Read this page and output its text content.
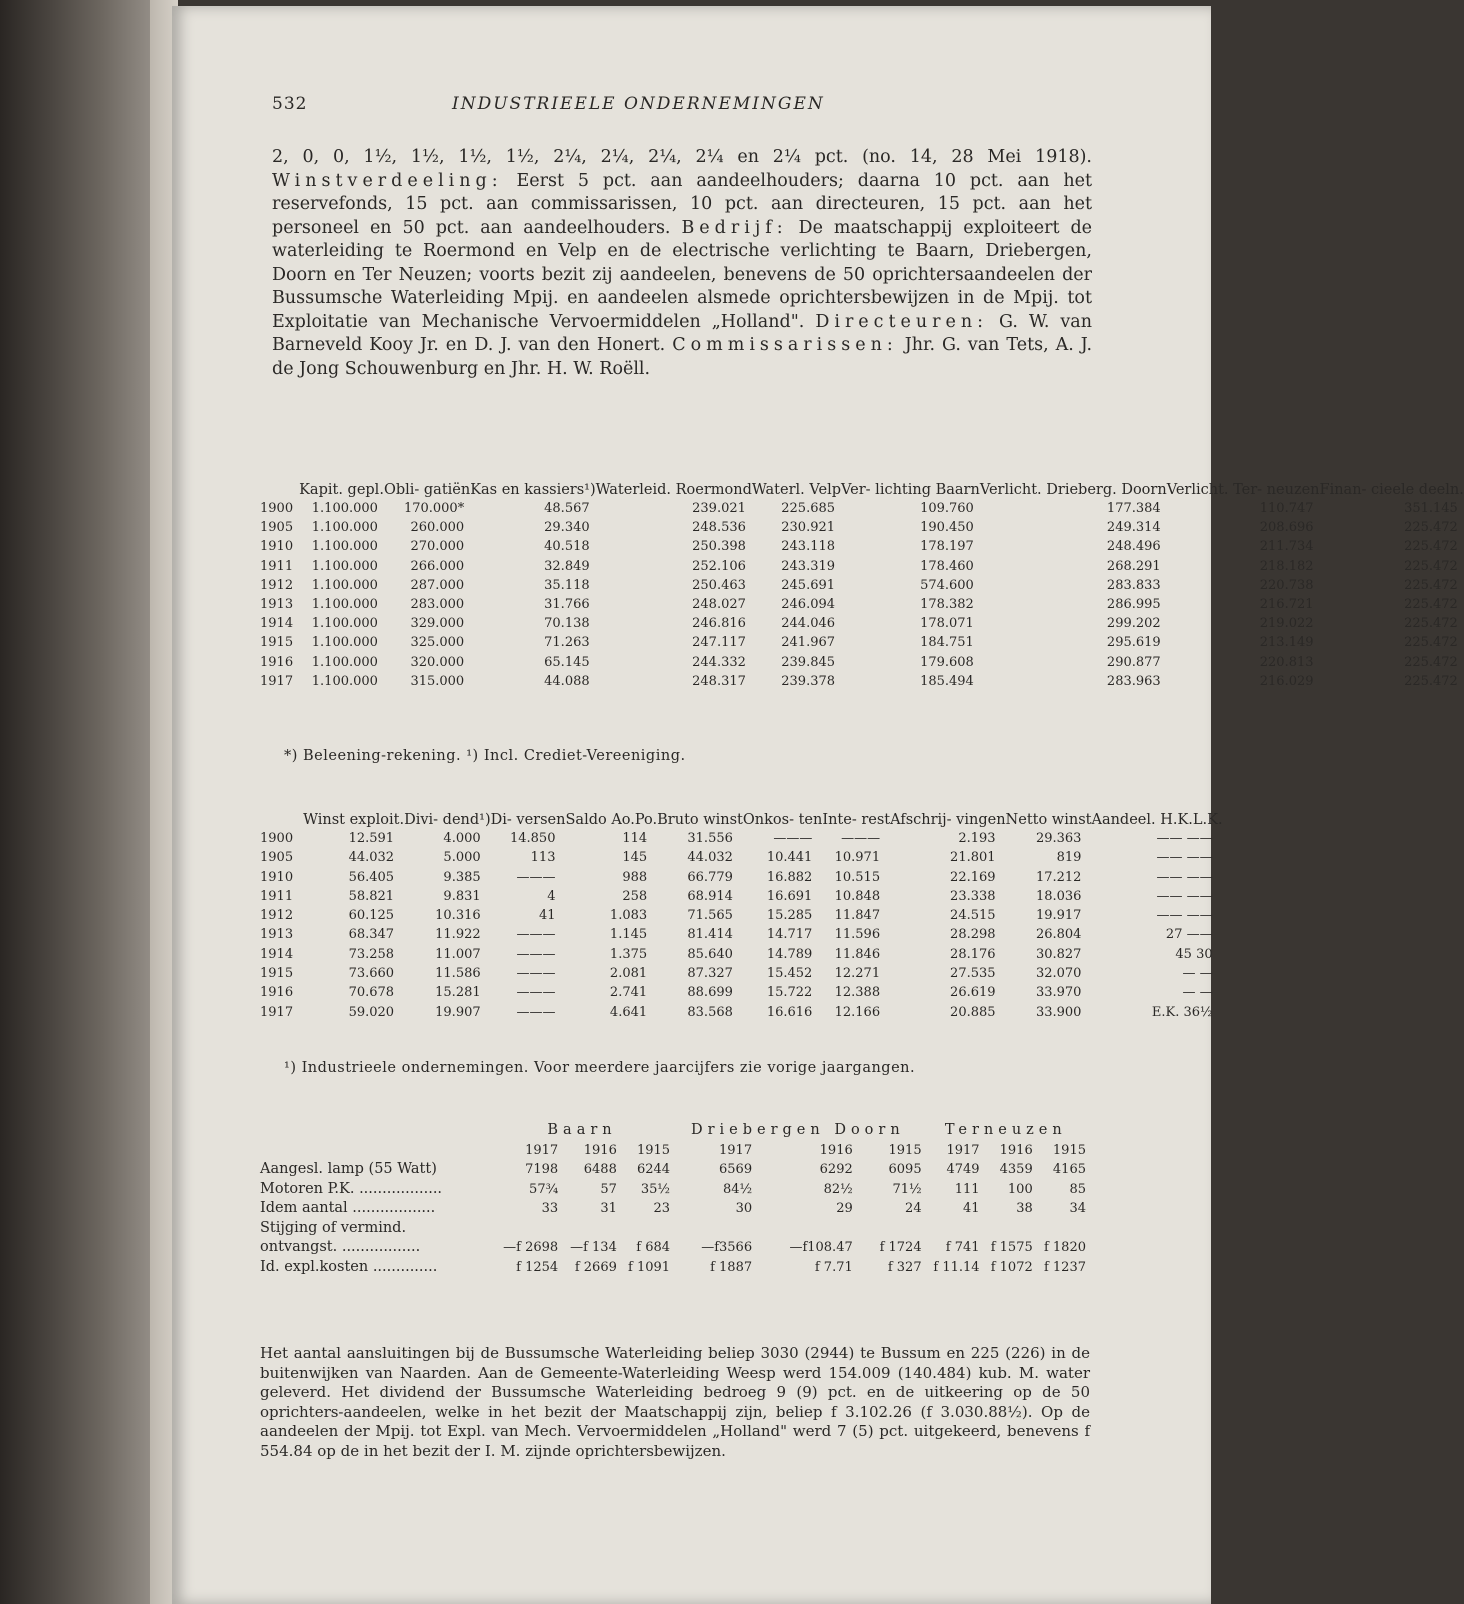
532	INDUSTRIEELE ONDERNEMINGEN

2, 0, 0, 1½, 1½, 1½, 1½, 2¼, 2¼, 2¼, 2¼ en 2¼ pct. (no. 14, 28 Mei 1918). Winstverdeeling: Eerst 5 pct. aan aandeelhouders; daarna 10 pct. aan het reservefonds, 15 pct. aan commissarissen, 10 pct. aan directeuren, 15 pct. aan het personeel en 50 pct. aan aandeelhouders. Bedrijf: De maatschappij exploiteert de waterleiding te Roermond en Velp en de electrische verlichting te Baarn, Driebergen, Doorn en Ter Neuzen; voorts bezit zij aandeelen, benevens de 50 oprichtersaandeelen der Bussumsche Waterleiding Mpij. en aandeelen alsmede oprichtersbewijzen in de Mpij. tot Exploitatie van Mechanische Vervoermiddelen „Holland". Directeuren: G. W. van Barneveld Kooy Jr. en D. J. van den Honert. Commissarissen: Jhr. G. van Tets, A. J. de Jong Schouwenburg en Jhr. H. W. Roëll.

	Kapit. gepl.	Obli- gatiën	Kas en kassiers¹)	Waterleid. Roermond	Waterl. Velp	Ver- lichting Baarn	Verlicht. Drieberg. Doorn	Verlicht. Ter- neuzen	Finan- cieele deeln.
1900	1.100.000	170.000*	48.567	239.021	225.685	109.760	177.384	110.747	351.145
1905	1.100.000	260.000	29.340	248.536	230.921	190.450	249.314	208.696	225.472
1910	1.100.000	270.000	40.518	250.398	243.118	178.197	248.496	211.734	225.472
1911	1.100.000	266.000	32.849	252.106	243.319	178.460	268.291	218.182	225.472
1912	1.100.000	287.000	35.118	250.463	245.691	574.600	283.833	220.738	225.472
1913	1.100.000	283.000	31.766	248.027	246.094	178.382	286.995	216.721	225.472
1914	1.100.000	329.000	70.138	246.816	244.046	178.071	299.202	219.022	225.472
1915	1.100.000	325.000	71.263	247.117	241.967	184.751	295.619	213.149	225.472
1916	1.100.000	320.000	65.145	244.332	239.845	179.608	290.877	220.813	225.472
1917	1.100.000	315.000	44.088	248.317	239.378	185.494	283.963	216.029	225.472
*) Beleening-rekening. ¹) Incl. Crediet-Vereeniging.
	Winst exploit.	Divi- dend¹)	Di- versen	Saldo Ao.Po.	Bruto winst	Onkos- ten	Inte- rest	Afschrij- vingen	Netto winst	Aandeel. H.K.L.K.
1900	12.591	4.000	14.850	114	31.556	———	———	2.193	29.363	—— ——
1905	44.032	5.000	113	145	44.032	10.441	10.971	21.801	819	—— ——
1910	56.405	9.385	———	988	66.779	16.882	10.515	22.169	17.212	—— ——
1911	58.821	9.831	4	258	68.914	16.691	10.848	23.338	18.036	—— ——
1912	60.125	10.316	41	1.083	71.565	15.285	11.847	24.515	19.917	—— ——
1913	68.347	11.922	———	1.145	81.414	14.717	11.596	28.298	26.804	27 ——
1914	73.258	11.007	———	1.375	85.640	14.789	11.846	28.176	30.827	45 30
1915	73.660	11.586	———	2.081	87.327	15.452	12.271	27.535	32.070	— —
1916	70.678	15.281	———	2.741	88.699	15.722	12.388	26.619	33.970	— —
1917	59.020	19.907	———	4.641	83.568	16.616	12.166	20.885	33.900	E.K. 36½
¹) Industrieele ondernemingen. Voor meerdere jaarcijfers zie vorige jaargangen.
	Baarn			Driebergen Doorn			Terneuzen		
	1917	1916	1915	1917	1916	1915	1917	1916	1915
Aangesl. lamp (55 Watt)	7198	6488	6244	6569	6292	6095	4749	4359	4165
Motoren P.K. ..................	57¾	57	35½	84½	82½	71½	111	100	85
Idem aantal ..................	33	31	23	30	29	24	41	38	34
Stijging of vermind.									
ontvangst. .................	—f 2698	—f 134	f 684	—f3566	—f108.47	f 1724	f 741	f 1575	f 1820
Id. expl.kosten ..............	f 1254	f 2669	f 1091	f 1887	f 7.71	f 327	f 11.14	f 1072	f 1237

Het aantal aansluitingen bij de Bussumsche Waterleiding beliep 3030 (2944) te Bussum en 225 (226) in de buitenwijken van Naarden. Aan de Gemeente-Waterleiding Weesp werd 154.009 (140.484) kub. M. water geleverd. Het dividend der Bussumsche Waterleiding bedroeg 9 (9) pct. en de uitkeering op de 50 oprichters-aandeelen, welke in het bezit der Maatschappij zijn, beliep f 3.102.26 (f 3.030.88½). Op de aandeelen der Mpij. tot Expl. van Mech. Vervoermiddelen „Holland" werd 7 (5) pct. uitgekeerd, benevens f 554.84 op de in het bezit der I. M. zijnde oprichtersbewijzen.
